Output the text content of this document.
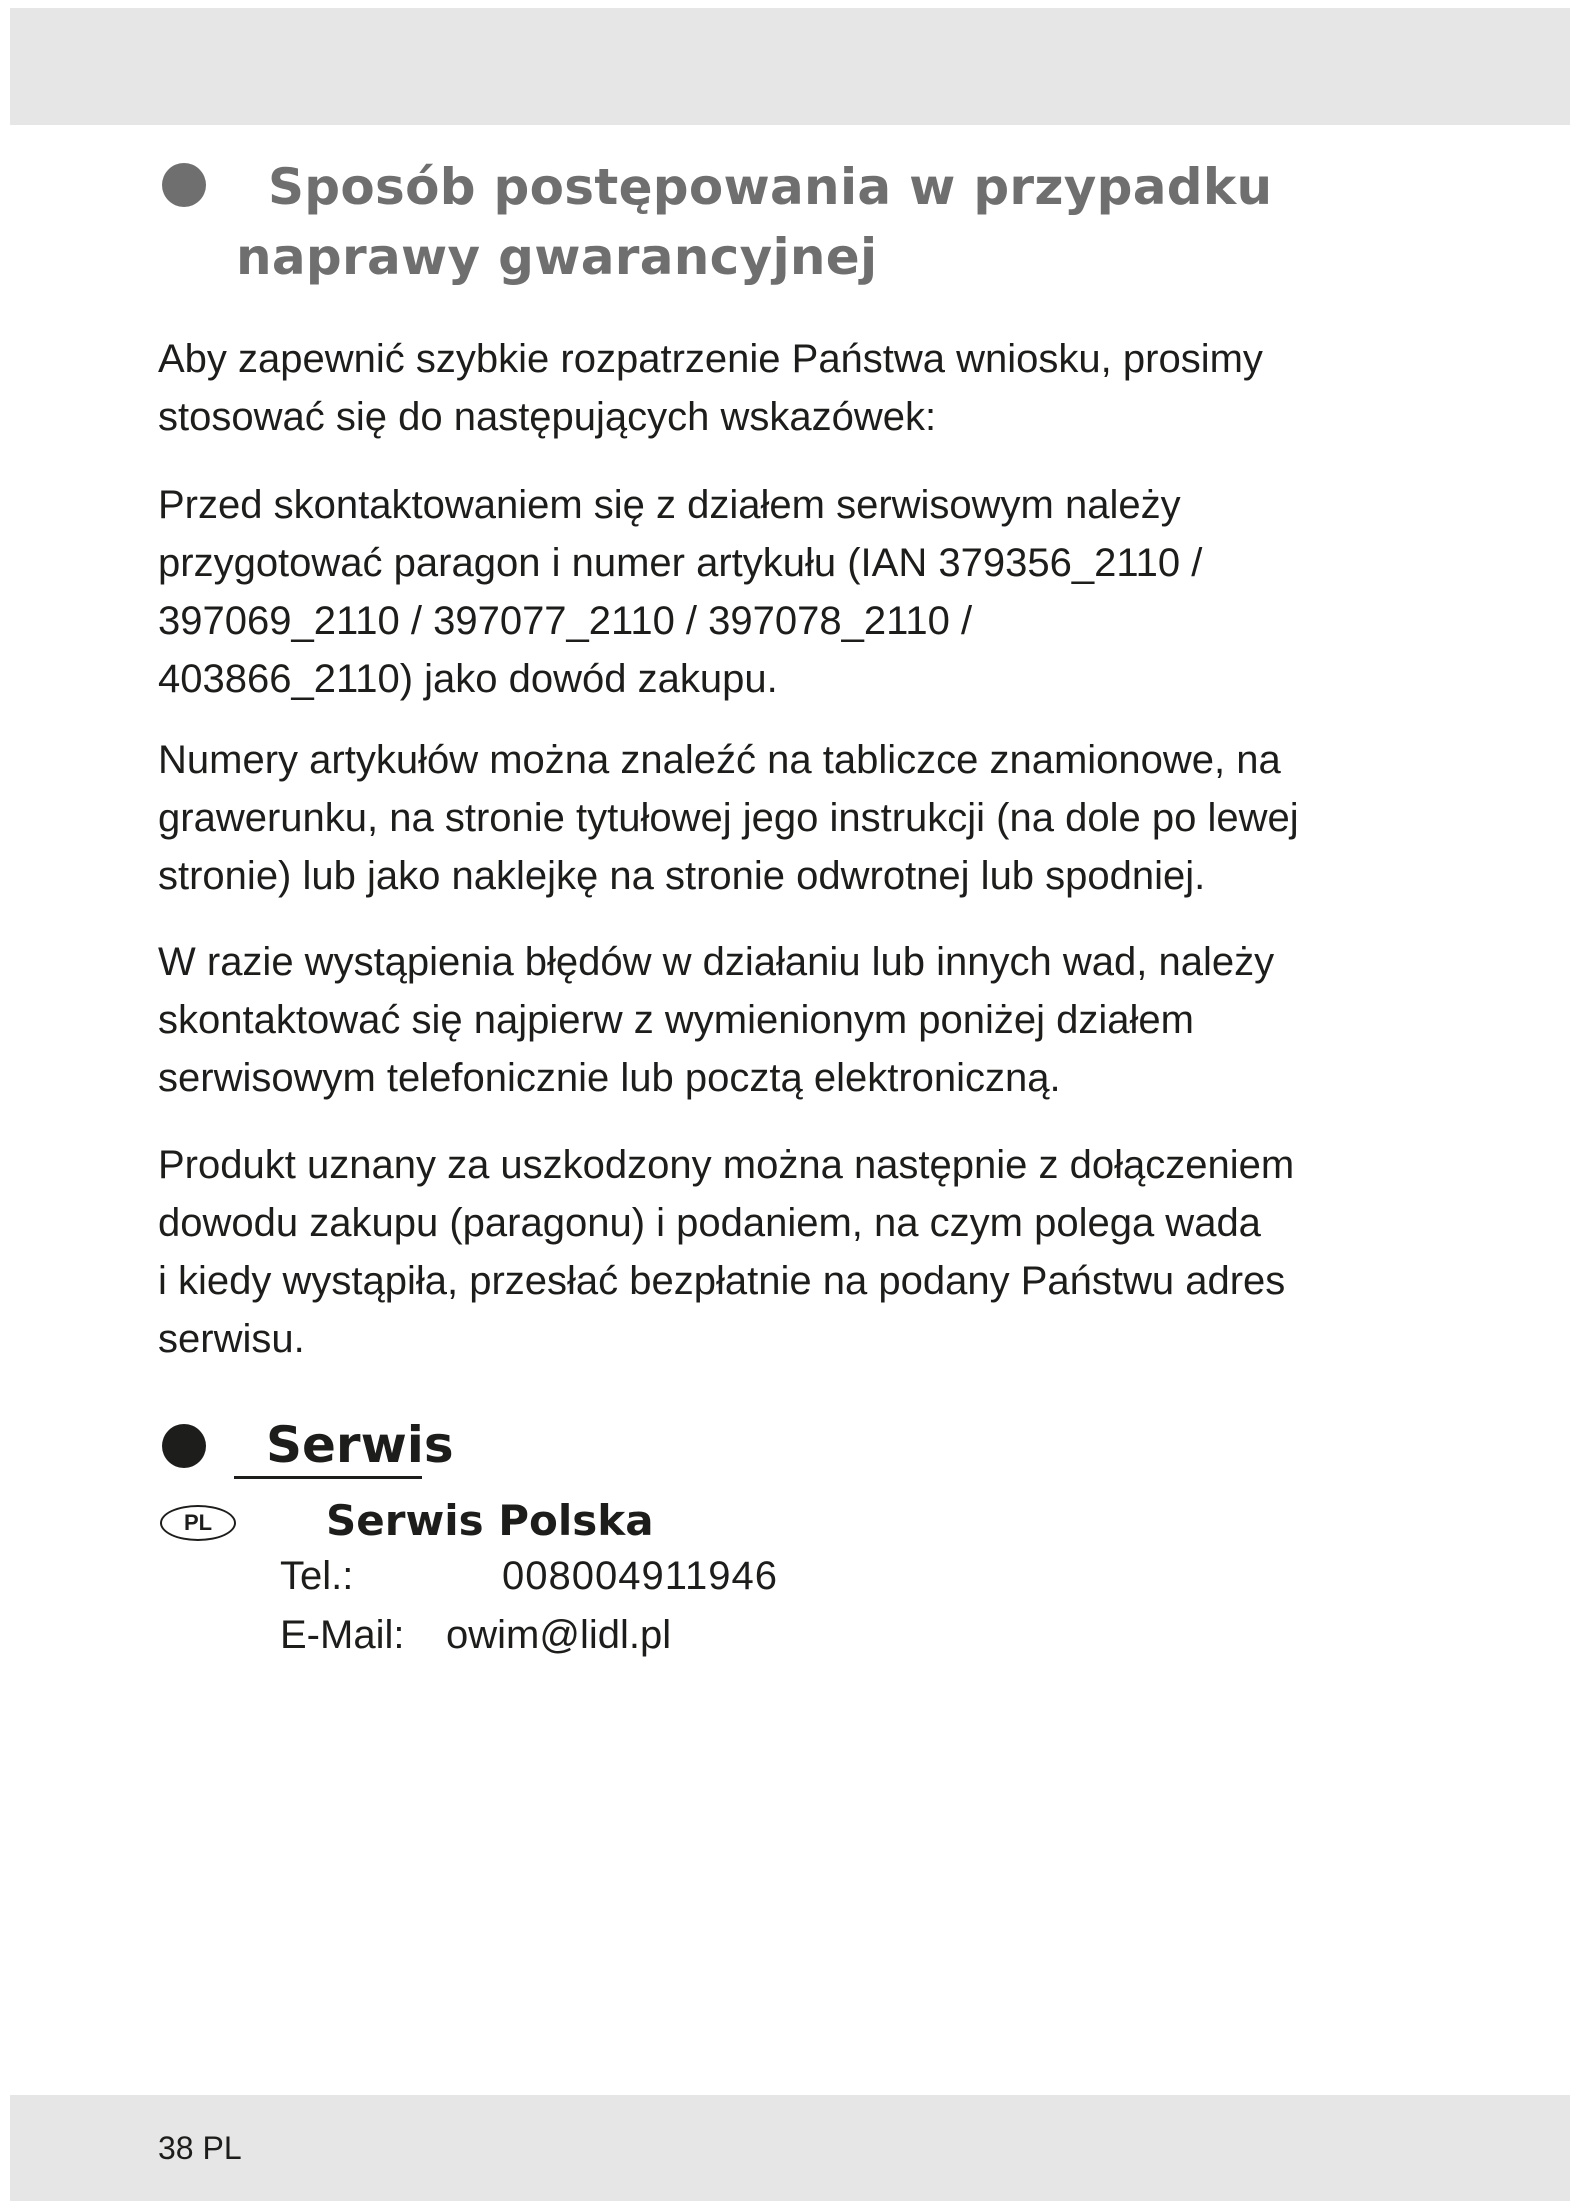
Sposób postępowania w przypadku
naprawy gwarancyjnej

Aby zapewnić szybkie rozpatrzenie Państwa wniosku, prosimy
stosować się do następujących wskazówek:

Przed skontaktowaniem się z działem serwisowym należy
przygotować paragon i numer artykułu (IAN 379356_2110 /
397069_2110 / 397077_2110 / 397078_2110 /
403866_2110) jako dowód zakupu.

Numery artykułów można znaleźć na tabliczce znamionowe, na
grawerunku, na stronie tytułowej jego instrukcji (na dole po lewej
stronie) lub jako naklejkę na stronie odwrotnej lub spodniej.

W razie wystąpienia błędów w działaniu lub innych wad, należy
skontaktować się najpierw z wymienionym poniżej działem
serwisowym telefonicznie lub pocztą elektroniczną.

Produkt uznany za uszkodzony można następnie z dołączeniem
dowodu zakupu (paragonu) i podaniem, na czym polega wada
i kiedy wystąpiła, przesłać bezpłatnie na podany Państwu adres
serwisu.

Serwis
PL	Serwis Polska
Tel.:	008004911946
E-Mail: owim@lidl.pl
38 PL
